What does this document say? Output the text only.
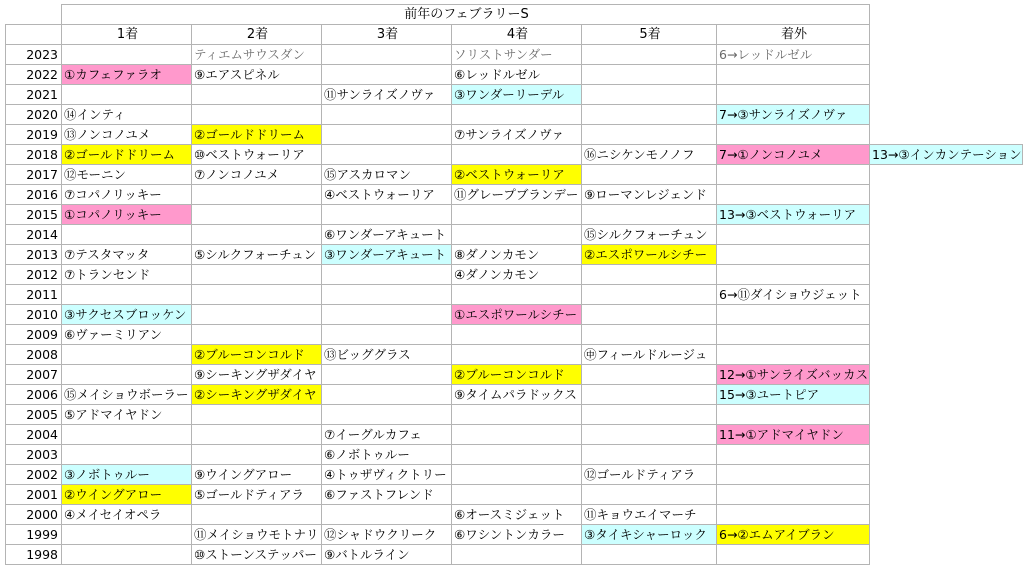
	前年のフェブラリーS						
	1着	2着	3着	4着	5着	着外	
2023		ティエムサウスダン		ソリストサンダー		6→レッドルゼル	
2022	①カフェファラオ	⑨エアスピネル		⑥レッドルゼル			
2021			⑪サンライズノヴァ	③ワンダーリーデル			
2020	⑭インティ					7→③サンライズノヴァ	
2019	⑬ノンコノユメ	②ゴールドドリーム		⑦サンライズノヴァ			
2018	②ゴールドドリーム	⑩ベストウォーリア			⑯ニシケンモノノフ	7→①ノンコノユメ	13→③インカンテーション
2017	⑫モーニン	⑦ノンコノユメ	⑮アスカロマン	②ベストウォーリア			
2016	⑦コパノリッキー		④ベストウォーリア	⑪グレープブランデー	⑨ローマンレジェンド		
2015	①コパノリッキー					13→③ベストウォーリア	
2014			⑥ワンダーアキュート		⑮シルクフォーチュン		
2013	⑦テスタマッタ	⑤シルクフォーチュン	③ワンダーアキュート	⑧ダノンカモン	②エスポワールシチー		
2012	⑦トランセンド			④ダノンカモン			
2011						6→⑪ダイショウジェット	
2010	③サクセスブロッケン			①エスポワールシチー			
2009	⑥ヴァーミリアン						
2008		②ブルーコンコルド	⑬ビッググラス		㊥フィールドルージュ		
2007		⑨シーキングザダイヤ		②ブルーコンコルド		12→①サンライズバッカス	
2006	⑮メイショウボーラー	②シーキングザダイヤ		⑨タイムパラドックス		15→③ユートピア	
2005	⑤アドマイヤドン						
2004			⑦イーグルカフェ			11→①アドマイヤドン	
2003			⑥ノボトゥルー				
2002	③ノボトゥルー	⑨ウイングアロー	④トゥザヴィクトリー		⑫ゴールドティアラ		
2001	②ウイングアロー	⑤ゴールドティアラ	⑥ファストフレンド				
2000	④メイセイオペラ			⑥オースミジェット	⑪キョウエイマーチ		
1999		⑪メイショウモトナリ	⑫シャドウクリーク	⑥ワシントンカラー	③タイキシャーロック	6→②エムアイブラン	
1998		⑩ストーンステッパー	⑨バトルライン				
